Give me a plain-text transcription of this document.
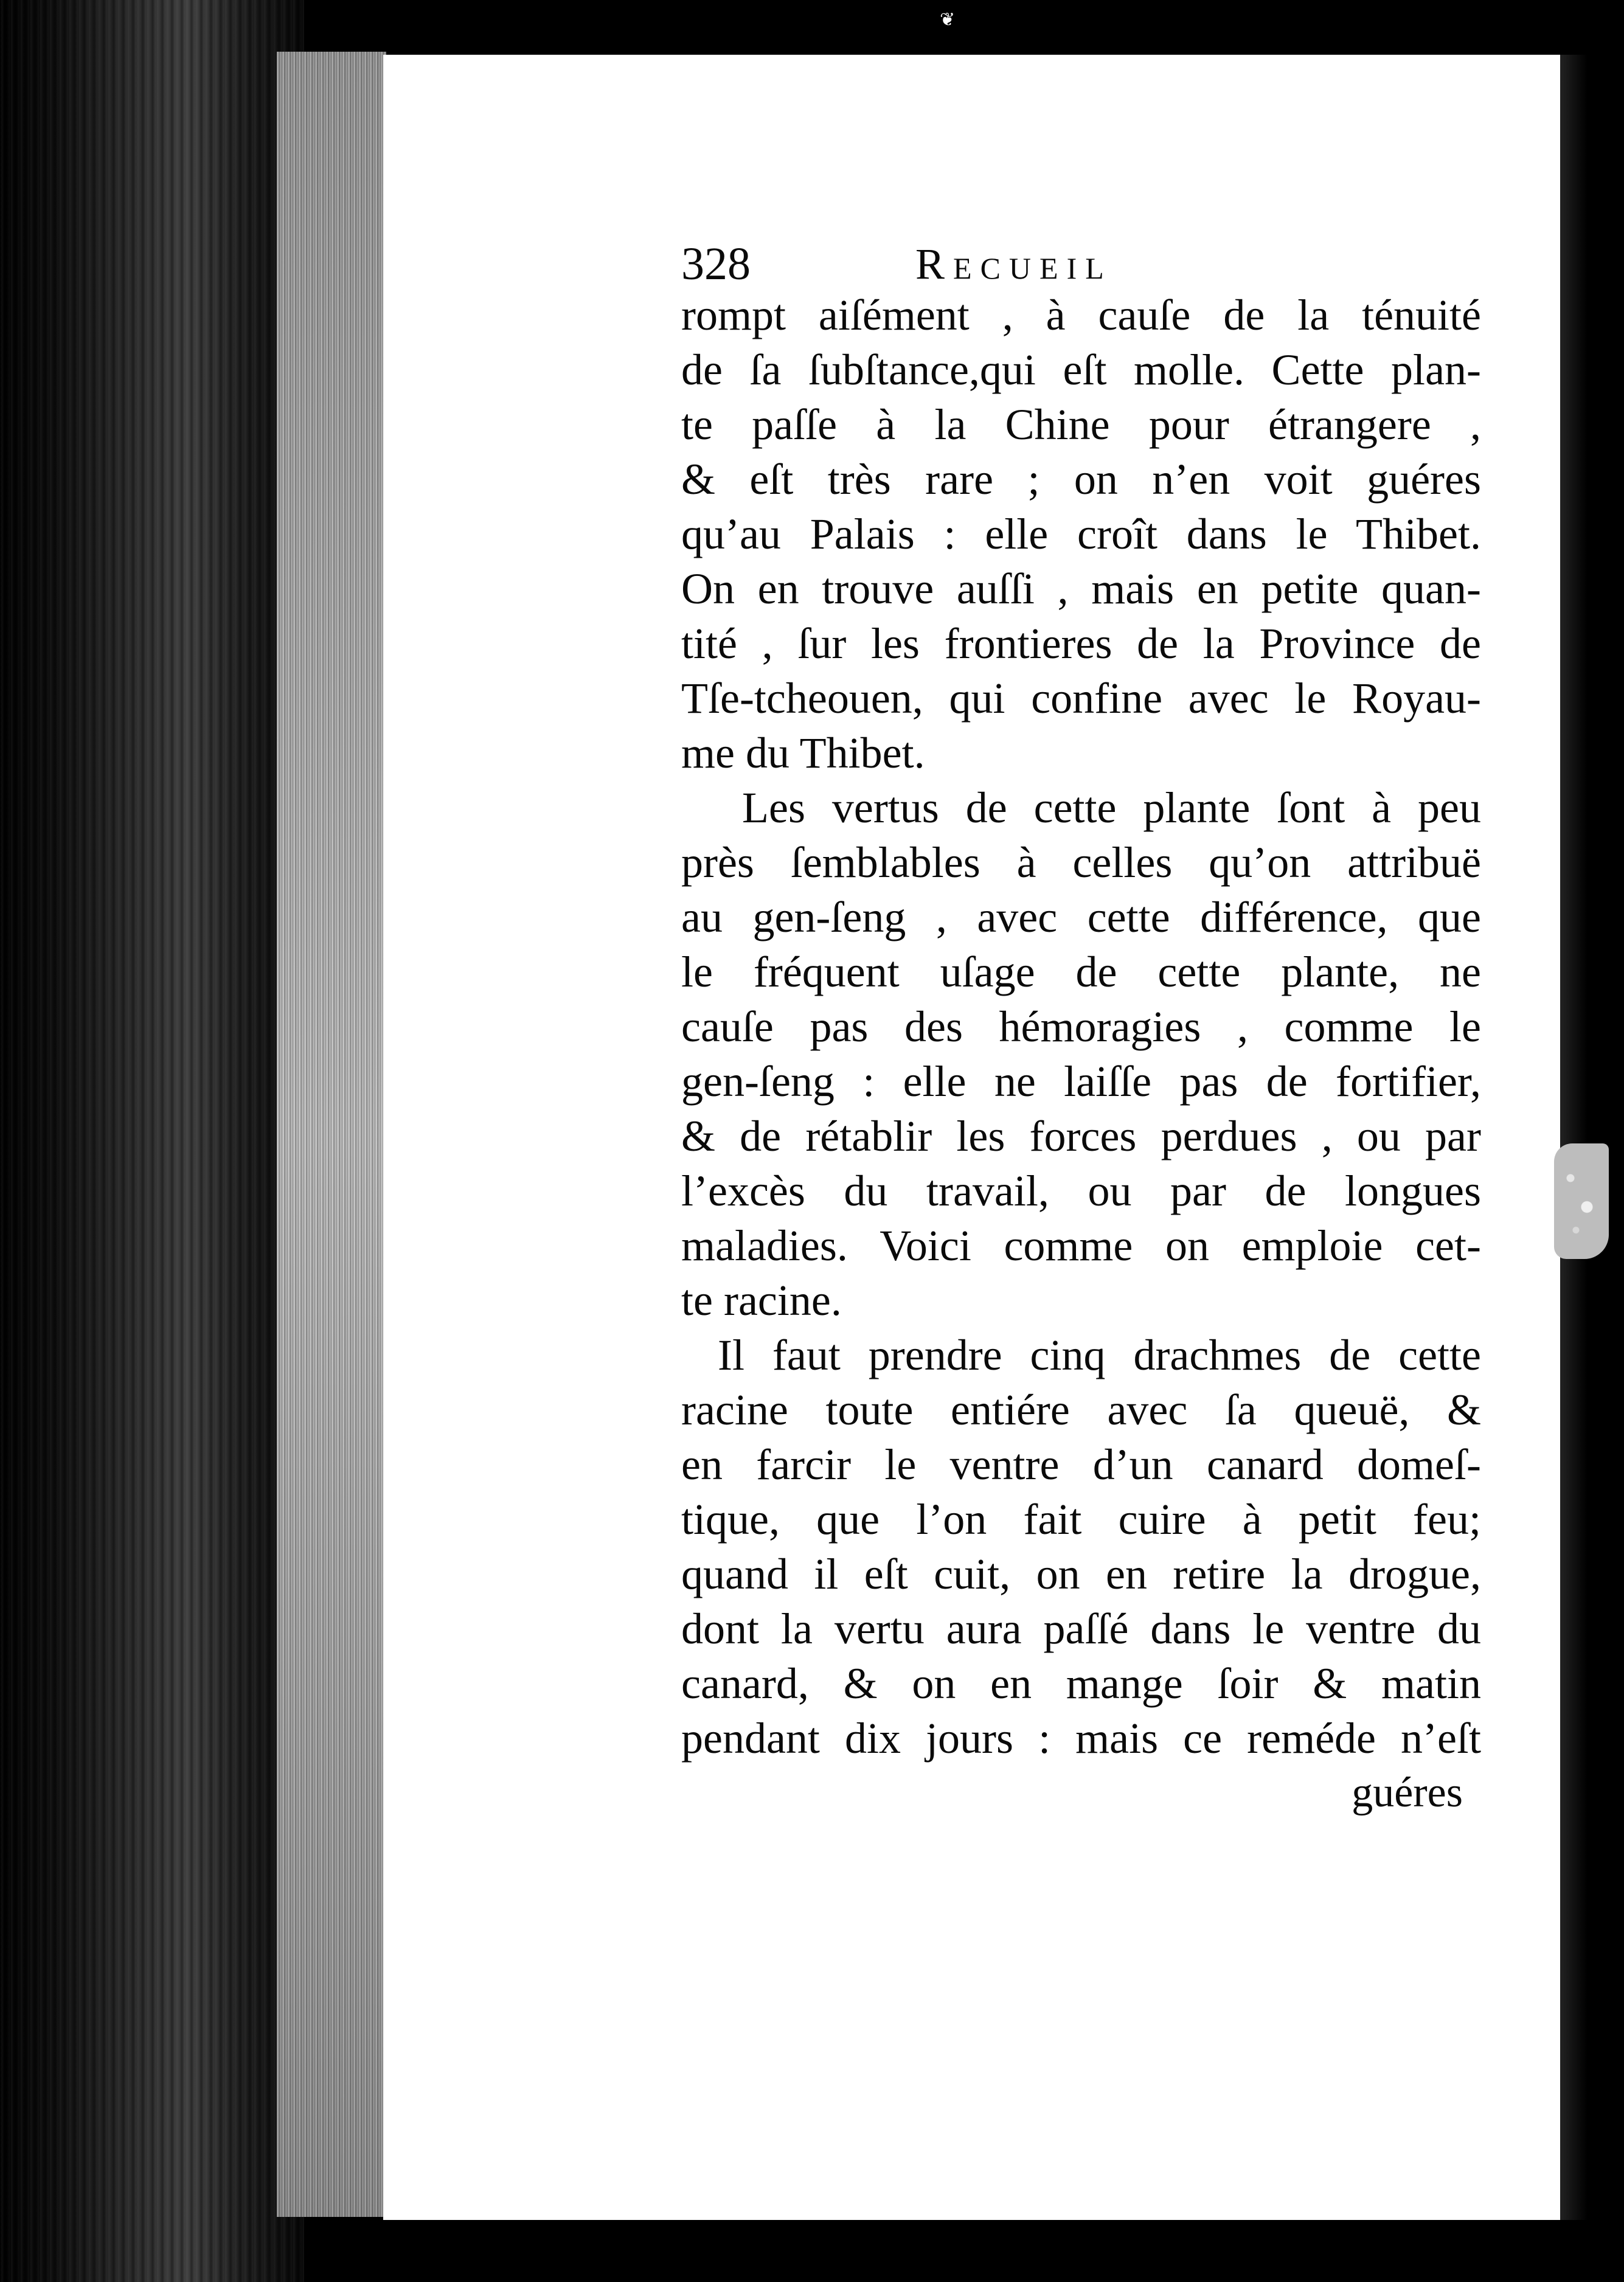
❦
328	Recueil
rompt aiſément , à cauſe de la ténuité
de ſa ſubſtance,qui eſt molle. Cette plan-
te paſſe à la Chine pour étrangere ,
& eſt très rare ; on n’en voit guéres
qu’au Palais : elle croît dans le Thibet.
On en trouve auſſi , mais en petite quan-
tité , ſur les frontieres de la Province de
Tſe-tcheouen, qui confine avec le Royau-
me du Thibet.
Les vertus de cette plante ſont à peu
près ſemblables à celles qu’on attribuë
au gen-ſeng , avec cette différence, que
le fréquent uſage de cette plante, ne
cauſe pas des hémoragies , comme le
gen-ſeng : elle ne laiſſe pas de fortifier,
& de rétablir les forces perdues , ou par
l’excès du travail, ou par de longues
maladies. Voici comme on emploie cet-
te racine.
Il faut prendre cinq drachmes de cette
racine toute entiére avec ſa queuë, &
en farcir le ventre d’un canard domeſ-
tique, que l’on fait cuire à petit feu;
quand il eſt cuit, on en retire la drogue,
dont la vertu aura paſſé dans le ventre du
canard, & on en mange ſoir & matin
pendant dix jours : mais ce reméde n’eſt
guéres
